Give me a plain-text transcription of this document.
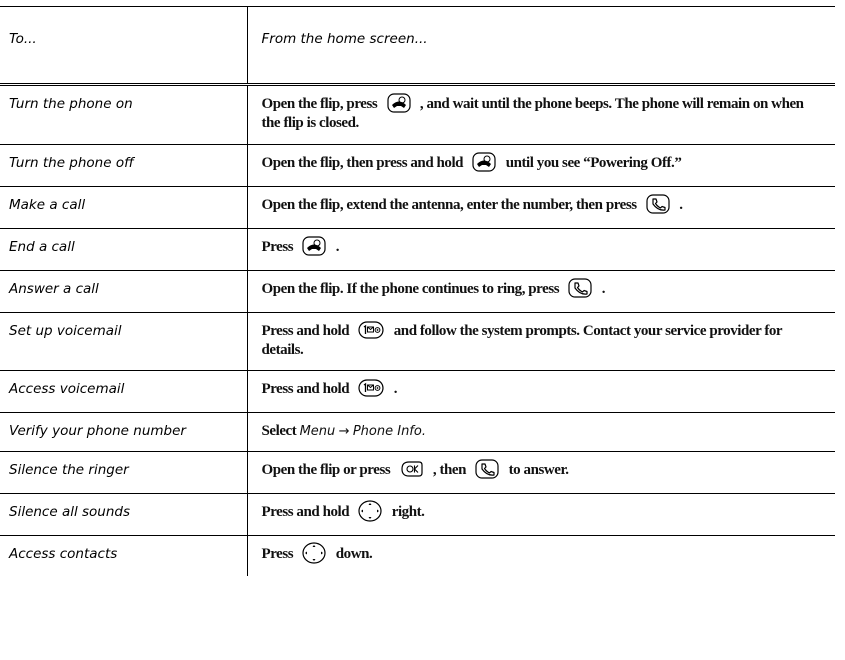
To...	From the home screen...
Turn the phone on	Open the flip, press , and wait until the phone beeps. The phone will remain on when the flip is closed.
Turn the phone off	Open the flip, then press and hold until you see “Powering Off.”
Make a call	Open the flip, extend the antenna, enter the number, then press .
End a call	Press .
Answer a call	Open the flip. If the phone continues to ring, press .
Set up voicemail	Press and hold and follow the system prompts. Contact your service provider for details.
Access voicemail	Press and hold .
Verify your phone number	Select Menu → Phone Info.
Silence the ringer	Open the flip or press , then to answer.
Silence all sounds	Press and hold right.
Access contacts	Press down.
